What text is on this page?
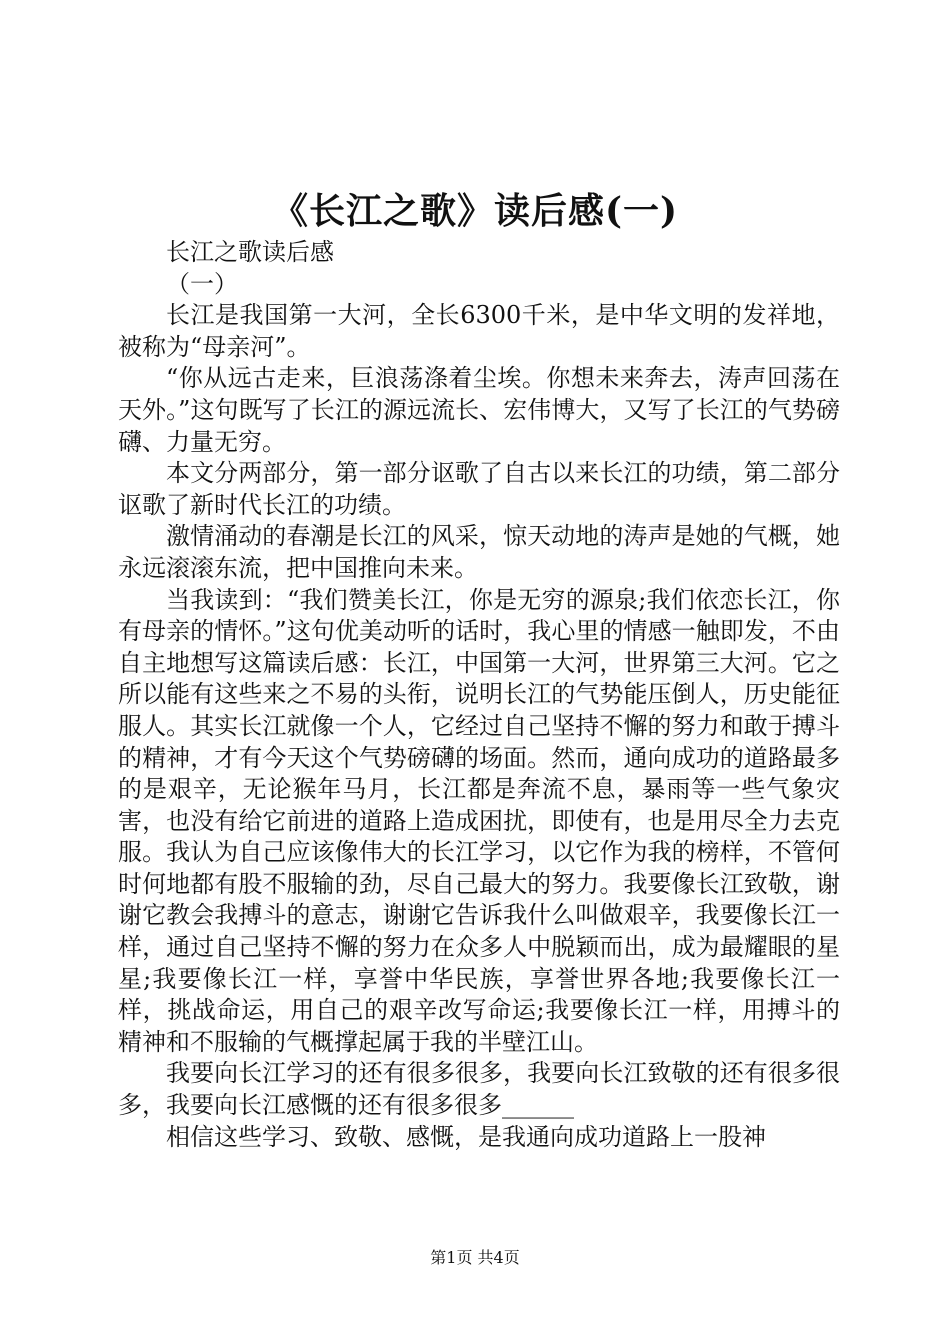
《长江之歌》读后感(一)

长江之歌读后感

（一）

长江是我国第一大河，全长6300千米，是中华文明的发祥地，被称为“母亲河”。

“你从远古走来，巨浪荡涤着尘埃。你想未来奔去，涛声回荡在天外。”这句既写了长江的源远流长、宏伟博大，又写了长江的气势磅礴、力量无穷。

本文分两部分，第一部分讴歌了自古以来长江的功绩，第二部分讴歌了新时代长江的功绩。

激情涌动的春潮是长江的风采，惊天动地的涛声是她的气概，她永远滚滚东流，把中国推向未来。

当我读到：“我们赞美长江，你是无穷的源泉;我们依恋长江，你有母亲的情怀。”这句优美动听的话时，我心里的情感一触即发，不由自主地想写这篇读后感：长江，中国第一大河，世界第三大河。它之所以能有这些来之不易的头衔，说明长江的气势能压倒人，历史能征服人。其实长江就像一个人，它经过自己坚持不懈的努力和敢于搏斗的精神，才有今天这个气势磅礴的场面。然而，通向成功的道路最多的是艰辛，无论猴年马月，长江都是奔流不息，暴雨等一些气象灾害，也没有给它前进的道路上造成困扰，即使有，也是用尽全力去克服。我认为自己应该像伟大的长江学习，以它作为我的榜样，不管何时何地都有股不服输的劲，尽自己最大的努力。我要像长江致敬，谢谢它教会我搏斗的意志，谢谢它告诉我什么叫做艰辛，我要像长江一样，通过自己坚持不懈的努力在众多人中脱颖而出，成为最耀眼的星星;我要像长江一样，享誉中华民族，享誉世界各地;我要像长江一样，挑战命运，用自己的艰辛改写命运;我要像长江一样，用搏斗的精神和不服输的气概撑起属于我的半壁江山。

我要向长江学习的还有很多很多，我要向长江致敬的还有很多很多，我要向长江感慨的还有很多很多______

相信这些学习、致敬、感慨，是我通向成功道路上一股神

第1页 共4页
